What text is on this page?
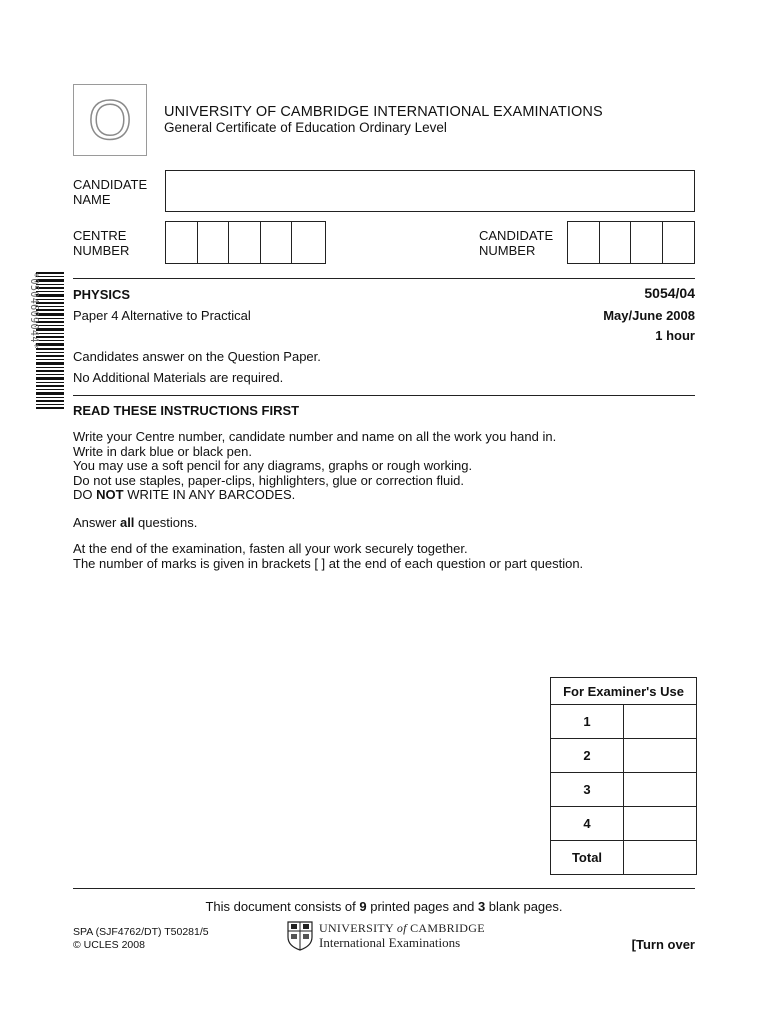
O	UNIVERSITY OF CAMBRIDGE INTERNATIONAL EXAMINATIONS
General Certificate of Education Ordinary Level
CANDIDATE
NAME
CENTRE
NUMBER
CANDIDATE
NUMBER
*0504609044*	PHYSICS	5054/04
Paper 4 Alternative to Practical	May/June 2008
1 hour
Candidates answer on the Question Paper.
No Additional Materials are required.
READ THESE INSTRUCTIONS FIRST
Write your Centre number, candidate number and name on all the work you hand in.
Write in dark blue or black pen.
You may use a soft pencil for any diagrams, graphs or rough working.
Do not use staples, paper-clips, highlighters, glue or correction fluid.
DO NOT WRITE IN ANY BARCODES.
Answer all questions.
At the end of the examination, fasten all your work securely together.
The number of marks is given in brackets [ ] at the end of each question or part question.
For Examiner's Use	
1	
2	
3	
4	
Total	
This document consists of 9 printed pages and 3 blank pages.
SPA (SJF4762/DT) T50281/5
© UCLES 2008
UNIVERSITY of CAMBRIDGE
International Examinations	[Turn over
